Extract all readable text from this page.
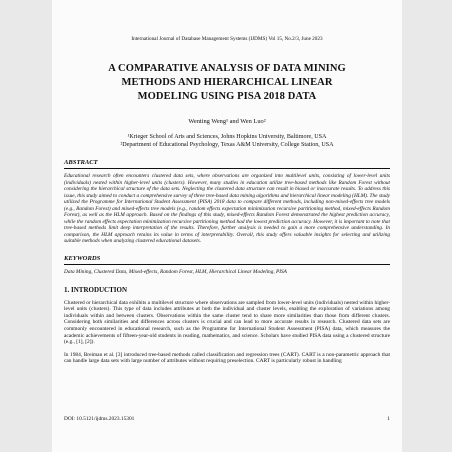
International Journal of Database Management Systems (IJDMS) Vol 15, No.2/3, June 2023
A COMPARATIVE ANALYSIS OF DATA MINING
METHODS AND HIERARCHICAL LINEAR
MODELING USING PISA 2018 DATA
Wenting Weng¹ and Wen Luo²
¹Krieger School of Arts and Sciences, Johns Hopkins University, Baltimore, USA
²Department of Educational Psychology, Texas A&M University, College Station, USA
ABSTRACT

Educational research often encounters clustered data sets, where observations are organized into multilevel units, consisting of lower-level units (individuals) nested within higher-level units (clusters). However, many studies in education utilize tree-based methods like Random Forest without considering the hierarchical structure of the data sets. Neglecting the clustered data structure can result in biased or inaccurate results. To address this issue, this study aimed to conduct a comprehensive survey of three tree-based data mining algorithms and hierarchical linear modeling (HLM). The study utilized the Programme for International Student Assessment (PISA) 2018 data to compare different methods, including non-mixed-effects tree models (e.g., Random Forest) and mixed-effects tree models (e.g., random effects expectation minimization recursive partitioning method, mixed-effects Random Forest), as well as the HLM approach. Based on the findings of this study, mixed-effects Random Forest demonstrated the highest prediction accuracy, while the random effects expectation minimization recursive partitioning method had the lowest prediction accuracy. However, it is important to note that tree-based methods limit deep interpretation of the results. Therefore, further analysis is needed to gain a more comprehensive understanding. In comparison, the HLM approach retains its value in terms of interpretability. Overall, this study offers valuable insights for selecting and utilizing suitable methods when analyzing clustered educational datasets.

KEYWORDS

Data Mining, Clustered Data, Mixed-effects, Random Forest, HLM, Hierarchical Linear Modeling, PISA

1. INTRODUCTION

Clustered or hierarchical data exhibits a multilevel structure where observations are sampled from lower-level units (individuals) nested within higher-level units (clusters). This type of data includes attributes at both the individual and cluster levels, enabling the exploration of variations among individuals within and between clusters. Observations within the same cluster tend to share more similarities than those from different clusters. Considering both similarities and differences across clusters is crucial and can lead to more accurate results in research. Clustered data sets are commonly encountered in educational research, such as the Programme for International Student Assessment (PISA) data, which measures the academic achievements of fifteen-year-old students in reading, mathematics, and science. Scholars have studied PISA data using a clustered structure (e.g., [1], [2]).

In 1984, Breiman et al. [3] introduced tree-based methods called classification and regression trees (CART). CART is a non-parametric approach that can handle large data sets with large number of attributes without requiring preselection. CART is particularly robust in handling

DOI: 10.5121/ijdms.2023.15301	1
